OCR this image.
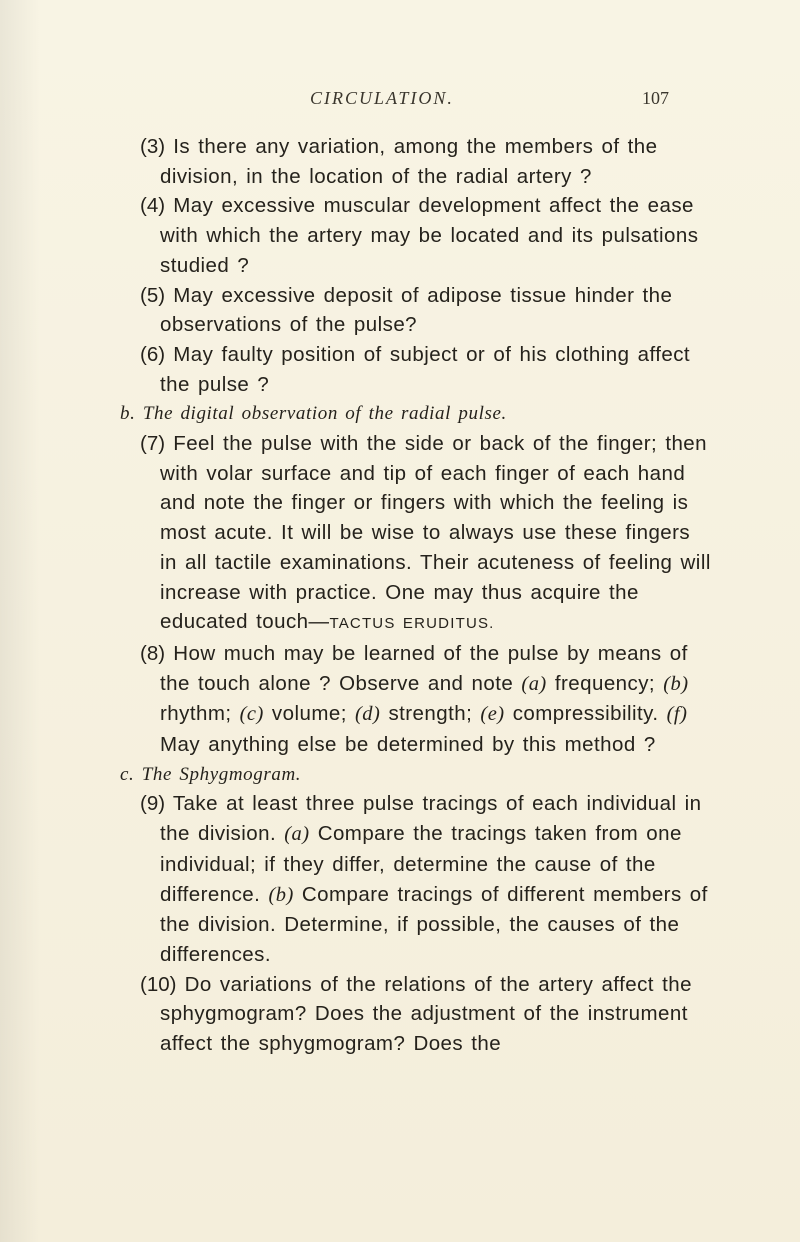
CIRCULATION.	107

(3) Is there any variation, among the members of the division, in the location of the radial artery ?

(4) May excessive muscular development affect the ease with which the artery may be located and its pulsations studied ?

(5) May excessive deposit of adipose tissue hinder the observations of the pulse?

(6) May faulty position of subject or of his clothing affect the pulse ?

b. The digital observation of the radial pulse.

(7) Feel the pulse with the side or back of the finger; then with volar surface and tip of each finger of each hand and note the finger or fingers with which the feeling is most acute. It will be wise to always use these fingers in all tactile examinations. Their acuteness of feeling will increase with practice. One may thus acquire the educated touch—TACTUS ERUDITUS.

(8) How much may be learned of the pulse by means of the touch alone ? Observe and note (a) frequency; (b) rhythm; (c) volume; (d) strength; (e) compressibility. (f) May anything else be determined by this method ?

c. The Sphygmogram.

(9) Take at least three pulse tracings of each individual in the division. (a) Compare the tracings taken from one individual; if they differ, determine the cause of the difference. (b) Compare tracings of different members of the division. Determine, if possible, the causes of the differences.

(10) Do variations of the relations of the artery affect the sphygmogram? Does the adjustment of the instrument affect the sphygmogram? Does the
